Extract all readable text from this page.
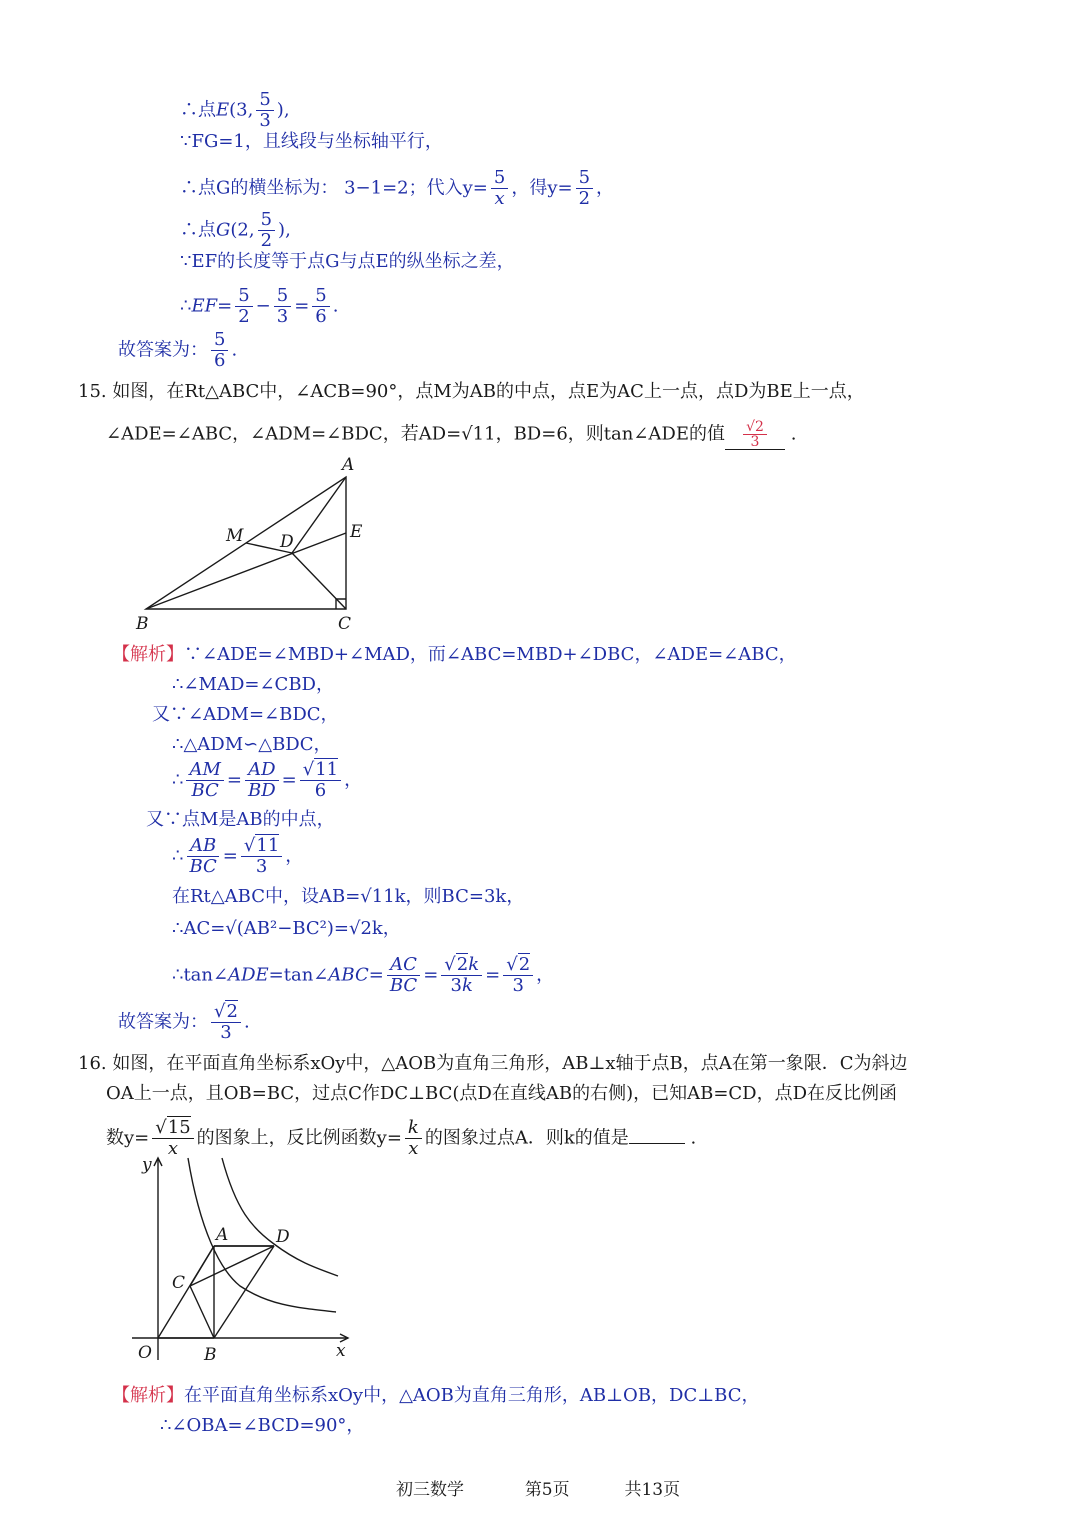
∴点E(3, $\frac{5}{3}$ ),
∵FG=1，且线段与坐标轴平行，
∴点G的横坐标为： 3−1=2；代入$y= \frac{5}{x}$ ，得$y= \frac{5}{2}$ ，
∴点G(2, $\frac{5}{2}$ ),
∵EF的长度等于点G与点E的纵坐标之差，
∴EF= $\frac{5}{2} - \frac{5}{3} = \frac{5}{6}$ .
故答案为： $\frac{5}{6}$ .
15. 如图，在Rt△ABC中，∠ACB=90°，点M为AB的中点，点E为AC上一点，点D为BE上一点，
∠ADE=∠ABC，∠ADM=∠BDC，若AD=√11，BD=6，则tan∠ADE的值 $\frac{√2}{3}$ .
A
M D	E
B	C
【解析】∵∠ADE=∠MBD+∠MAD，而∠ABC=MBD+∠DBC，∠ADE=∠ABC，
∴∠MAD=∠CBD，
又∵∠ADM=∠BDC，
∴△ADM∽△BDC，
∴ $\frac{AM}{BC} = \frac{AD}{BD} = \frac{√11}{6}$ ，
又∵点M是AB的中点，
∴ $\frac{AB}{BC} = \frac{√11}{3}$ ，
在Rt△ABC中，设AB=√11k，则BC=3k，
∴AC=√(AB²−BC²)=√2k，
∴tan∠ADE=tan∠ABC= $\frac{AC}{BC} = \frac{√2k}{3k} = \frac{√2}{3}$ ，
故答案为： $\frac{√2}{3}$ .
16. 如图，在平面直角坐标系xOy中，△AOB为直角三角形，AB⊥x轴于点B，点A在第一象限．C为斜边
OA上一点，且OB=BC，过点C作DC⊥BC(点D在直线AB的右侧)，已知AB=CD，点D在反比例函
数$y= \frac{√15}{x}$ 的图象上，反比例函数$y= \frac{k}{x}$ 的图象过点A．则k的值是	.
y
A	D
C
O	B	x
【解析】在平面直角坐标系xOy中，△AOB为直角三角形，AB⊥OB，DC⊥BC，
∴∠OBA=∠BCD=90°，
初三数学	第5页	共13页
